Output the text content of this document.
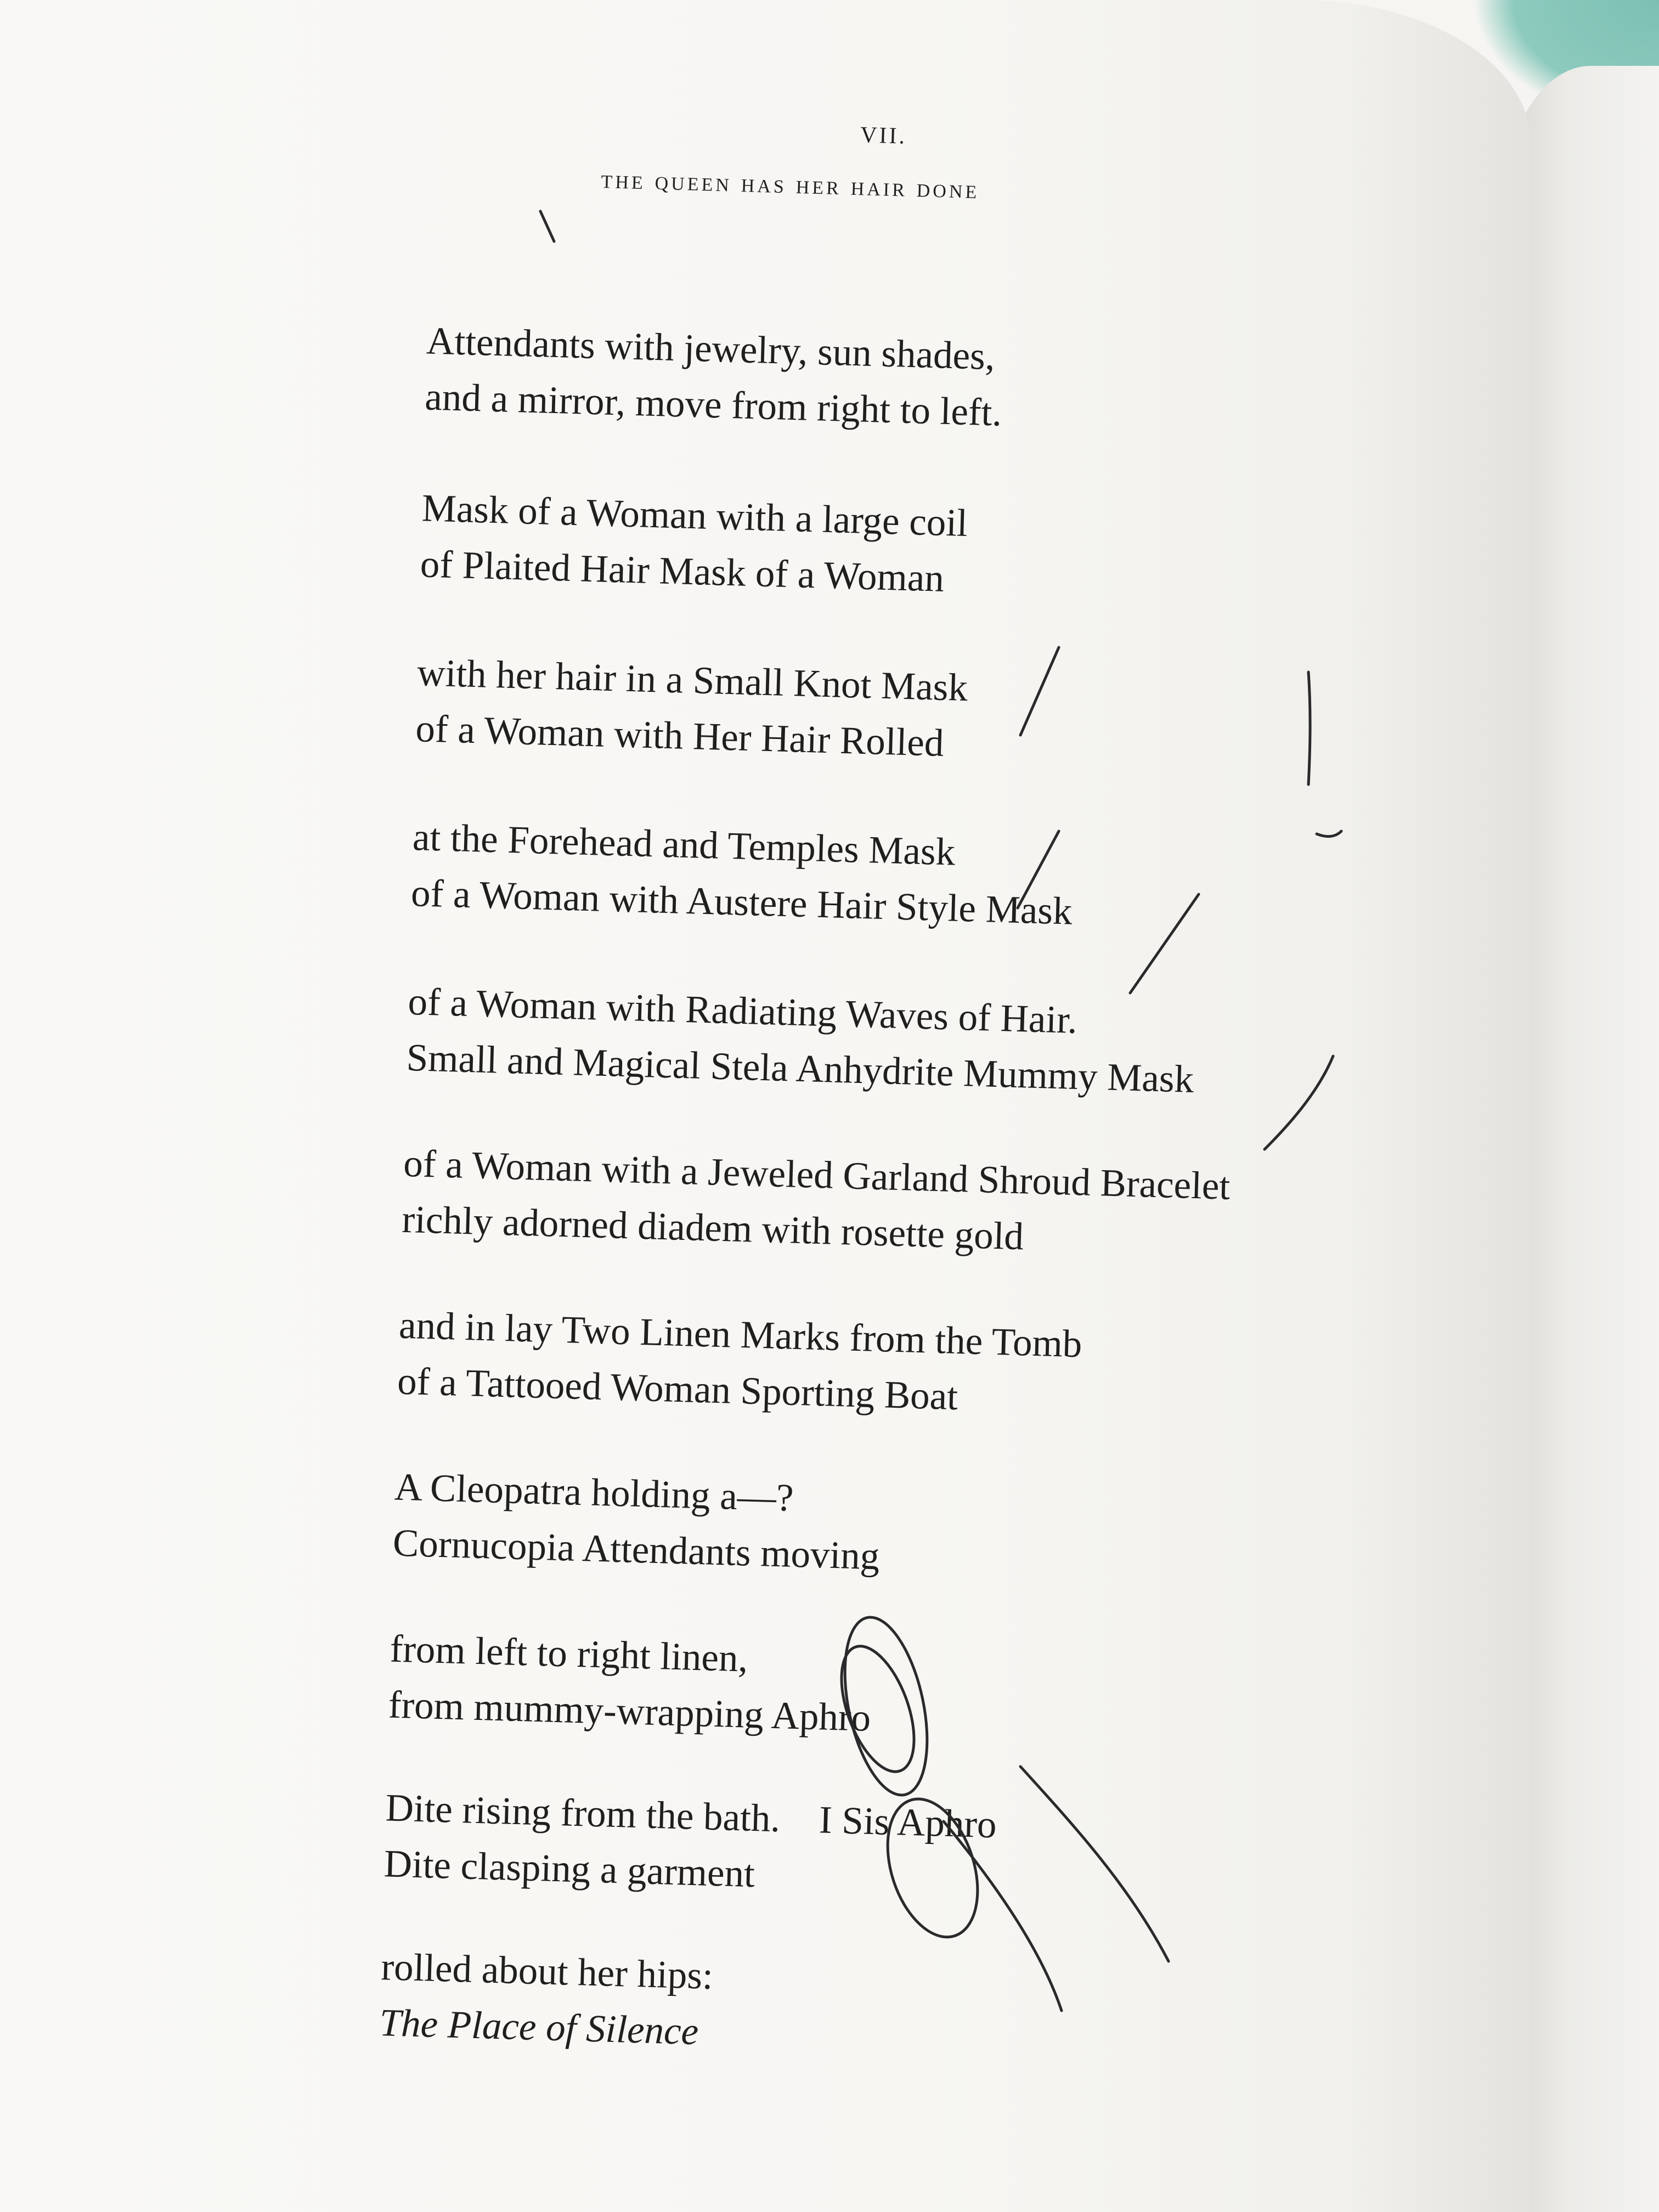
VII.
the queen has her hair done
Attendants with jewelry, sun shades,
and a mirror, move from right to left.
Mask of a Woman with a large coil
of Plaited Hair Mask of a Woman
with her hair in a Small Knot Mask
of a Woman with Her Hair Rolled
at the Forehead and Temples Mask
of a Woman with Austere Hair Style Mask
of a Woman with Radiating Waves of Hair.
Small and Magical Stela Anhydrite Mummy Mask
of a Woman with a Jeweled Garland Shroud Bracelet
richly adorned diadem with rosette gold
and in lay Two Linen Marks from the Tomb
of a Tattooed Woman Sporting Boat
A Cleopatra holding a—?
Cornucopia Attendants moving
from left to right linen,
from mummy-wrapping Aphro
Dite rising from the bath.    I Sis Aphro
Dite clasping a garment
rolled about her hips:
The Place of Silence
